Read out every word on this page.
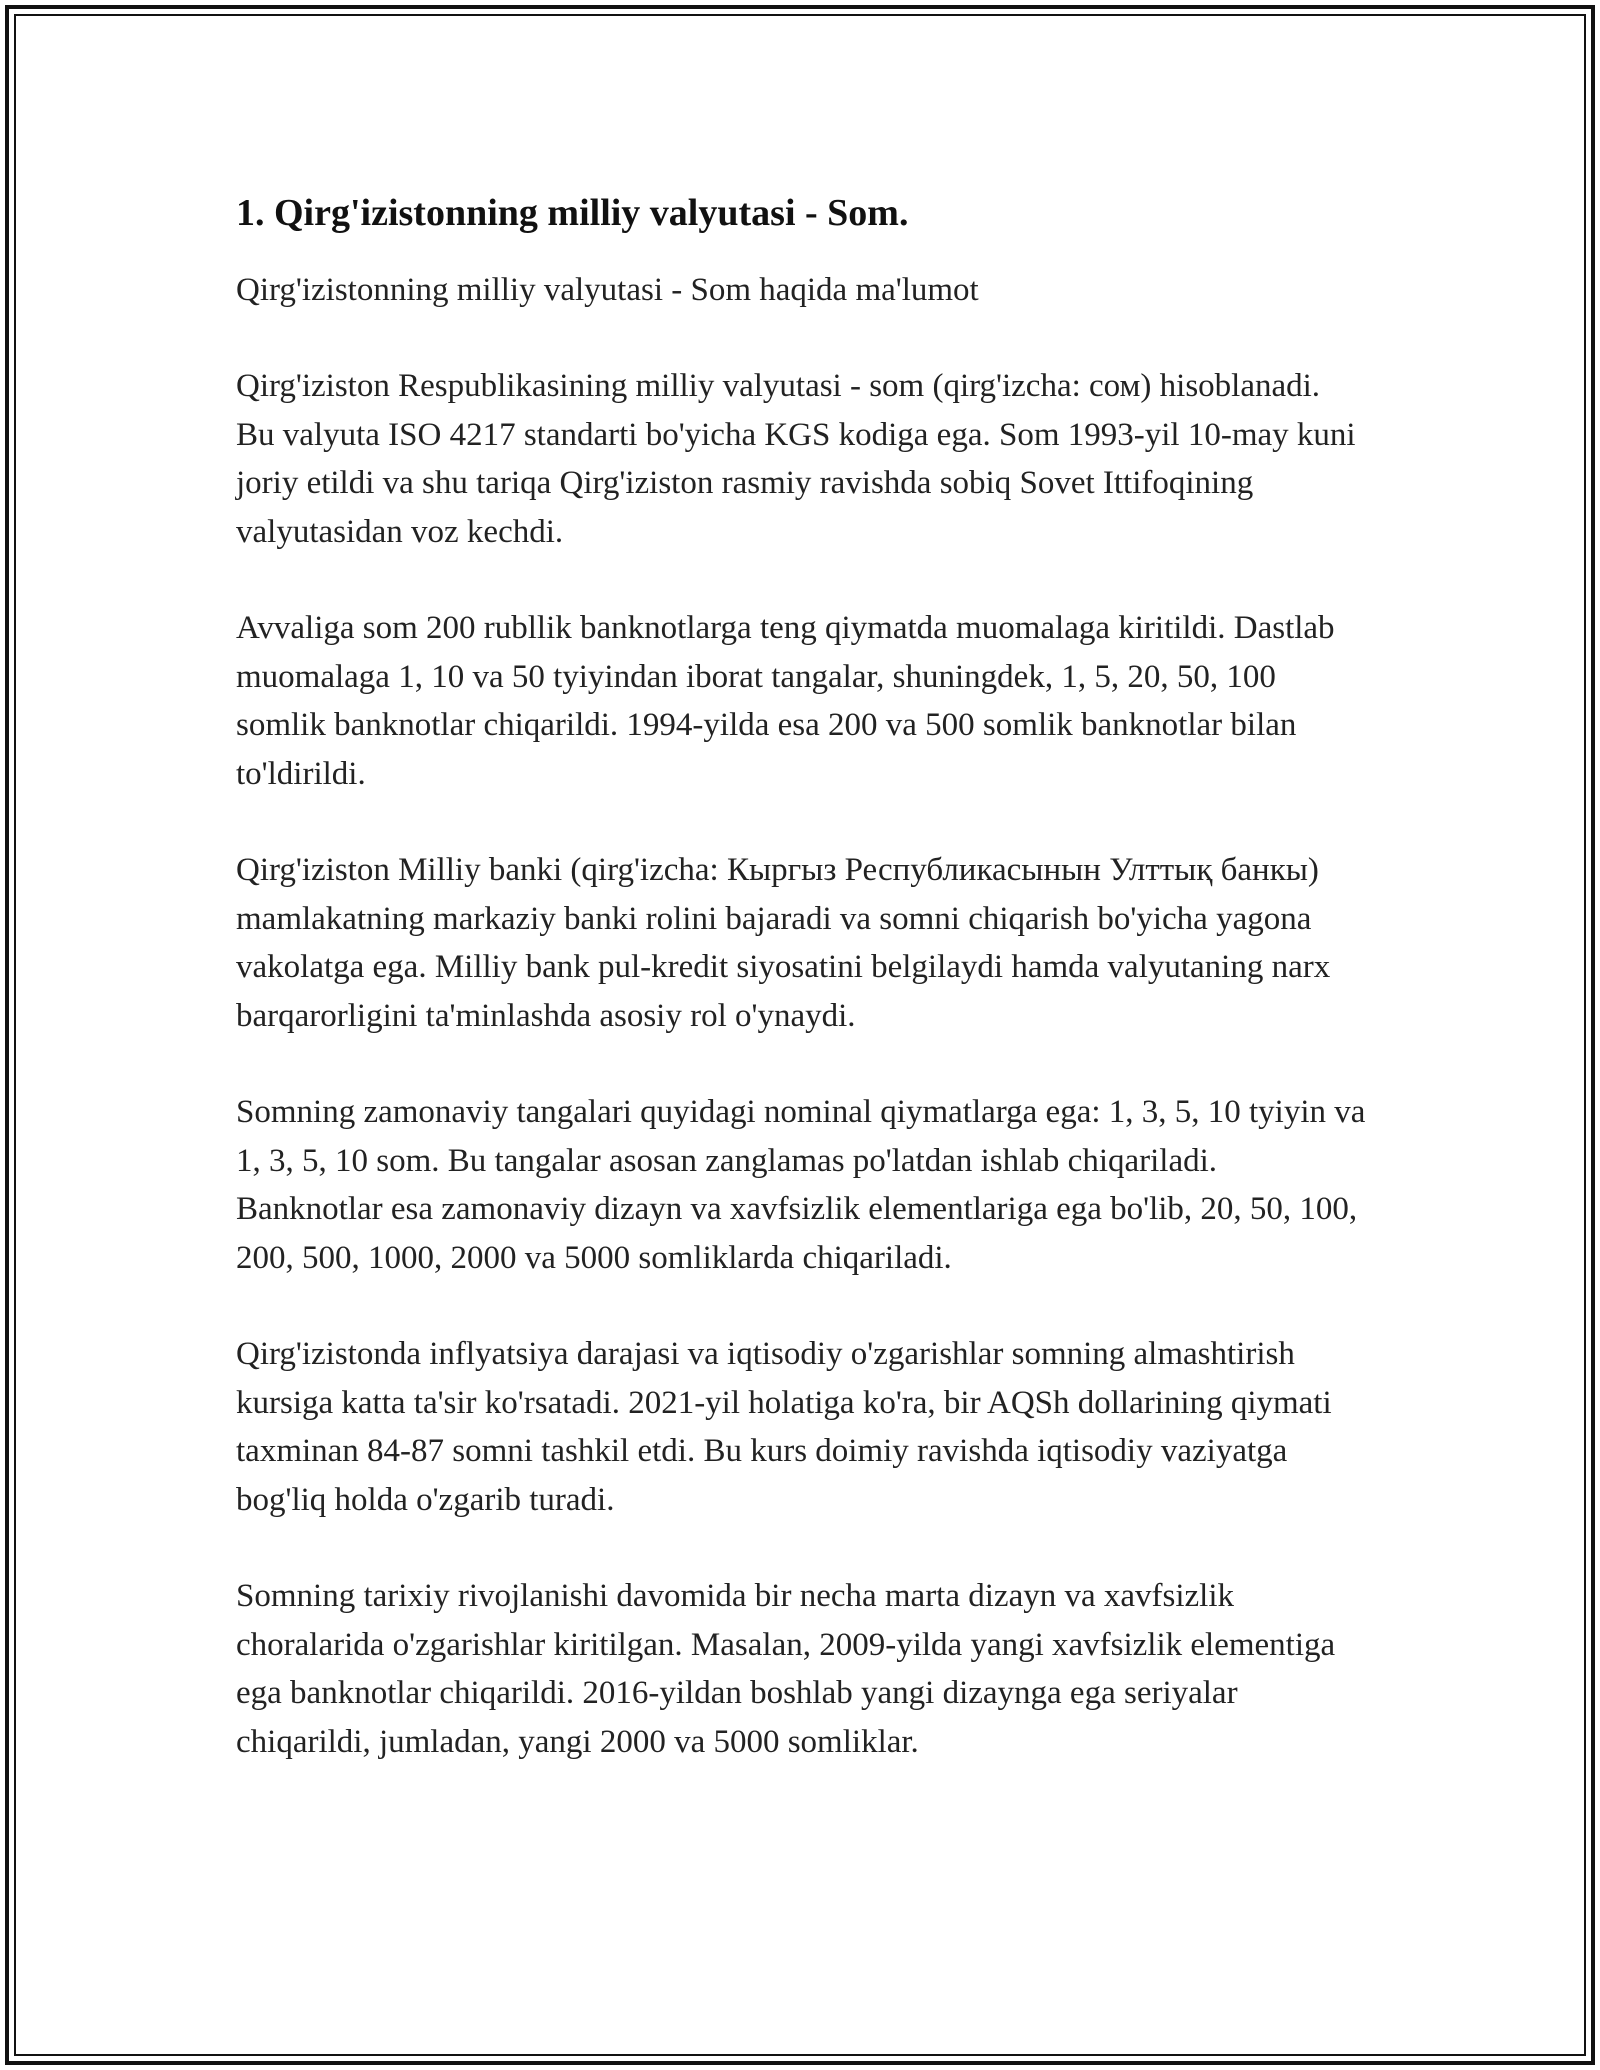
1. Qirg'izistonning milliy valyutasi - Som.

Qirg'izistonning milliy valyutasi - Som haqida ma'lumot

Qirg'iziston Respublikasining milliy valyutasi - som (qirg'izcha: сом) hisoblanadi. Bu valyuta ISO 4217 standarti bo'yicha KGS kodiga ega. Som 1993-yil 10-may kuni joriy etildi va shu tariqa Qirg'iziston rasmiy ravishda sobiq Sovet Ittifoqining valyutasidan voz kechdi.

Avvaliga som 200 rubllik banknotlarga teng qiymatda muomalaga kiritildi. Dastlab muomalaga 1, 10 va 50 tyiyindan iborat tangalar, shuningdek, 1, 5, 20, 50, 100 somlik banknotlar chiqarildi. 1994-yilda esa 200 va 500 somlik banknotlar bilan to'ldirildi.

Qirg'iziston Milliy banki (qirg'izcha: Кыргыз Республикасынын Улттық банкы) mamlakatning markaziy banki rolini bajaradi va somni chiqarish bo'yicha yagona vakolatga ega. Milliy bank pul-kredit siyosatini belgilaydi hamda valyutaning narx barqarorligini ta'minlashda asosiy rol o'ynaydi.

Somning zamonaviy tangalari quyidagi nominal qiymatlarga ega: 1, 3, 5, 10 tyiyin va 1, 3, 5, 10 som. Bu tangalar asosan zanglamas po'latdan ishlab chiqariladi. Banknotlar esa zamonaviy dizayn va xavfsizlik elementlariga ega bo'lib, 20, 50, 100, 200, 500, 1000, 2000 va 5000 somliklarda chiqariladi.

Qirg'izistonda inflyatsiya darajasi va iqtisodiy o'zgarishlar somning almashtirish kursiga katta ta'sir ko'rsatadi. 2021-yil holatiga ko'ra, bir AQSh dollarining qiymati taxminan 84-87 somni tashkil etdi. Bu kurs doimiy ravishda iqtisodiy vaziyatga bog'liq holda o'zgarib turadi.

Somning tarixiy rivojlanishi davomida bir necha marta dizayn va xavfsizlik choralarida o'zgarishlar kiritilgan. Masalan, 2009-yilda yangi xavfsizlik elementiga ega banknotlar chiqarildi. 2016-yildan boshlab yangi dizaynga ega seriyalar chiqarildi, jumladan, yangi 2000 va 5000 somliklar.
